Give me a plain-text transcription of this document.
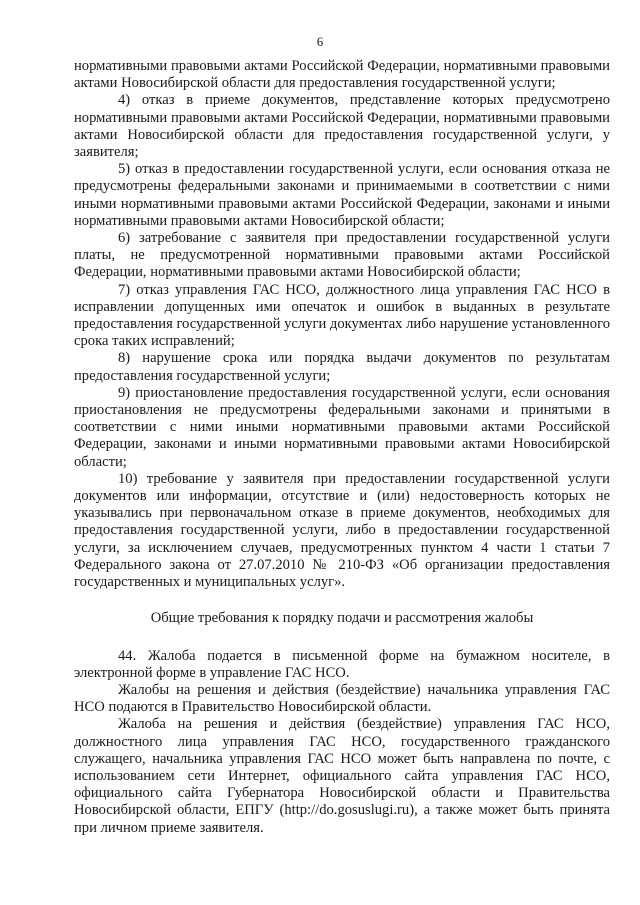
6

нормативными правовыми актами Российской Федерации, нормативными правовыми актами Новосибирской области для предоставления государственной услуги;

4) отказ в приеме документов, представление которых предусмотрено нормативными правовыми актами Российской Федерации, нормативными правовыми актами Новосибирской области для предоставления государственной услуги, у заявителя;

5) отказ в предоставлении государственной услуги, если основания отказа не предусмотрены федеральными законами и принимаемыми в соответствии с ними иными нормативными правовыми актами Российской Федерации, законами и иными нормативными правовыми актами Новосибирской области;

6) затребование с заявителя при предоставлении государственной услуги платы, не предусмотренной нормативными правовыми актами Российской Федерации, нормативными правовыми актами Новосибирской области;

7) отказ управления ГАС НСО, должностного лица управления ГАС НСО в исправлении допущенных ими опечаток и ошибок в выданных в результате предоставления государственной услуги документах либо нарушение установленного срока таких исправлений;

8) нарушение срока или порядка выдачи документов по результатам предоставления государственной услуги;

9) приостановление предоставления государственной услуги, если основания приостановления не предусмотрены федеральными законами и принятыми в соответствии с ними иными нормативными правовыми актами Российской Федерации, законами и иными нормативными правовыми актами Новосибирской области;

10) требование у заявителя при предоставлении государственной услуги документов или информации, отсутствие и (или) недостоверность которых не указывались при первоначальном отказе в приеме документов, необходимых для предоставления государственной услуги, либо в предоставлении государственной услуги, за исключением случаев, предусмотренных пунктом 4 части 1 статьи 7 Федерального закона от 27.07.2010 № 210-ФЗ «Об организации предоставления государственных и муниципальных услуг».

Общие требования к порядку подачи и рассмотрения жалобы

44. Жалоба подается в письменной форме на бумажном носителе, в электронной форме в управление ГАС НСО.

Жалобы на решения и действия (бездействие) начальника управления ГАС НСО подаются в Правительство Новосибирской области.

Жалоба на решения и действия (бездействие) управления ГАС НСО, должностного лица управления ГАС НСО, государственного гражданского служащего, начальника управления ГАС НСО может быть направлена по почте, с использованием сети Интернет, официального сайта управления ГАС НСО, официального сайта Губернатора Новосибирской области и Правительства Новосибирской области, ЕПГУ (http://do.gosuslugi.ru), а также может быть принята при личном приеме заявителя.
